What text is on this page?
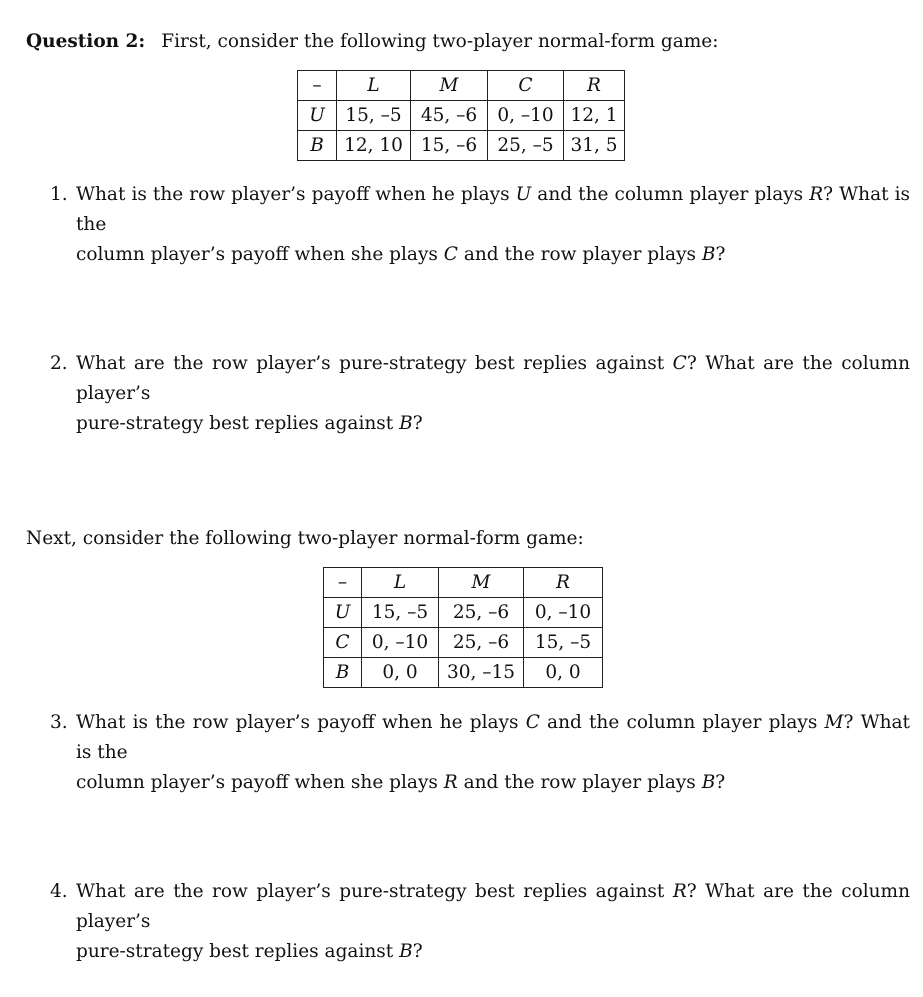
Question 2: First, consider the following two-player normal-form game:
–	L	M	C	R
U	15, –5	45, –6	0, –10	12, 1
B	12, 10	15, –6	25, –5	31, 5
1. What is the row player’s payoff when he plays U and the column player plays R? What is the
column player’s payoff when she plays C and the row player plays B?
2. What are the row player’s pure-strategy best replies against C? What are the column player’s
pure-strategy best replies against B?
Next, consider the following two-player normal-form game:
–	L	M	R
U	15, –5	25, –6	0, –10
C	0, –10	25, –6	15, –5
B	0, 0	30, –15	0, 0
3. What is the row player’s payoff when he plays C and the column player plays M? What is the
column player’s payoff when she plays R and the row player plays B?
4. What are the row player’s pure-strategy best replies against R? What are the column player’s
pure-strategy best replies against B?
